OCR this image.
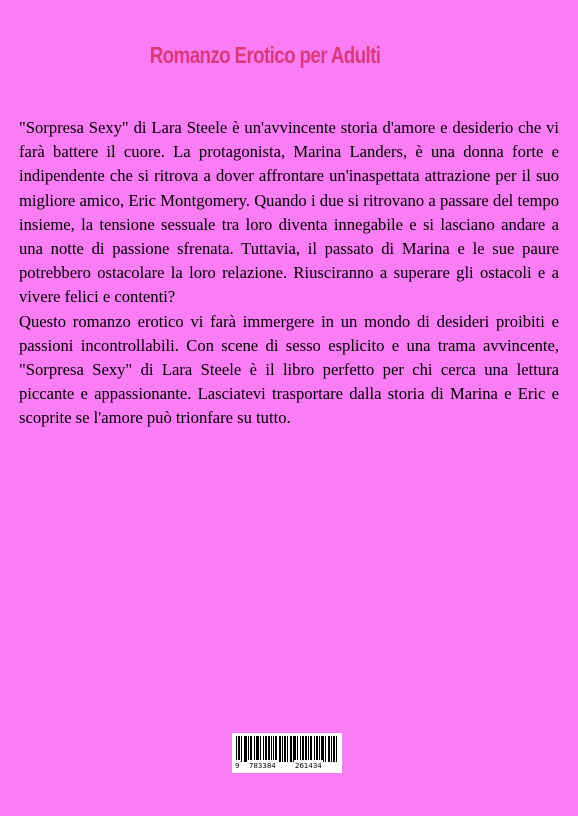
Romanzo Erotico per Adulti

"Sorpresa Sexy" di Lara Steele è un'avvincente storia d'amore e desiderio che vi farà battere il cuore. La protagonista, Marina Landers, è una donna forte e indipendente che si ritrova a dover affrontare un'inaspettata attrazione per il suo migliore amico, Eric Montgomery. Quando i due si ritrovano a passare del tempo insieme, la tensione sessuale tra loro diventa innegabile e si lasciano andare a una notte di passione sfrenata. Tuttavia, il passato di Marina e le sue paure potrebbero ostacolare la loro relazione. Riusciranno a superare gli ostacoli e a vivere felici e contenti?

Questo romanzo erotico vi farà immergere in un mondo di desideri proibiti e passioni incontrollabili. Con scene di sesso esplicito e una trama avvincente, "Sorpresa Sexy" di Lara Steele è il libro perfetto per chi cerca una lettura piccante e appassionante. Lasciatevi trasportare dalla storia di Marina e Eric e scoprite se l'amore può trionfare su tutto.

9 783384	261434
